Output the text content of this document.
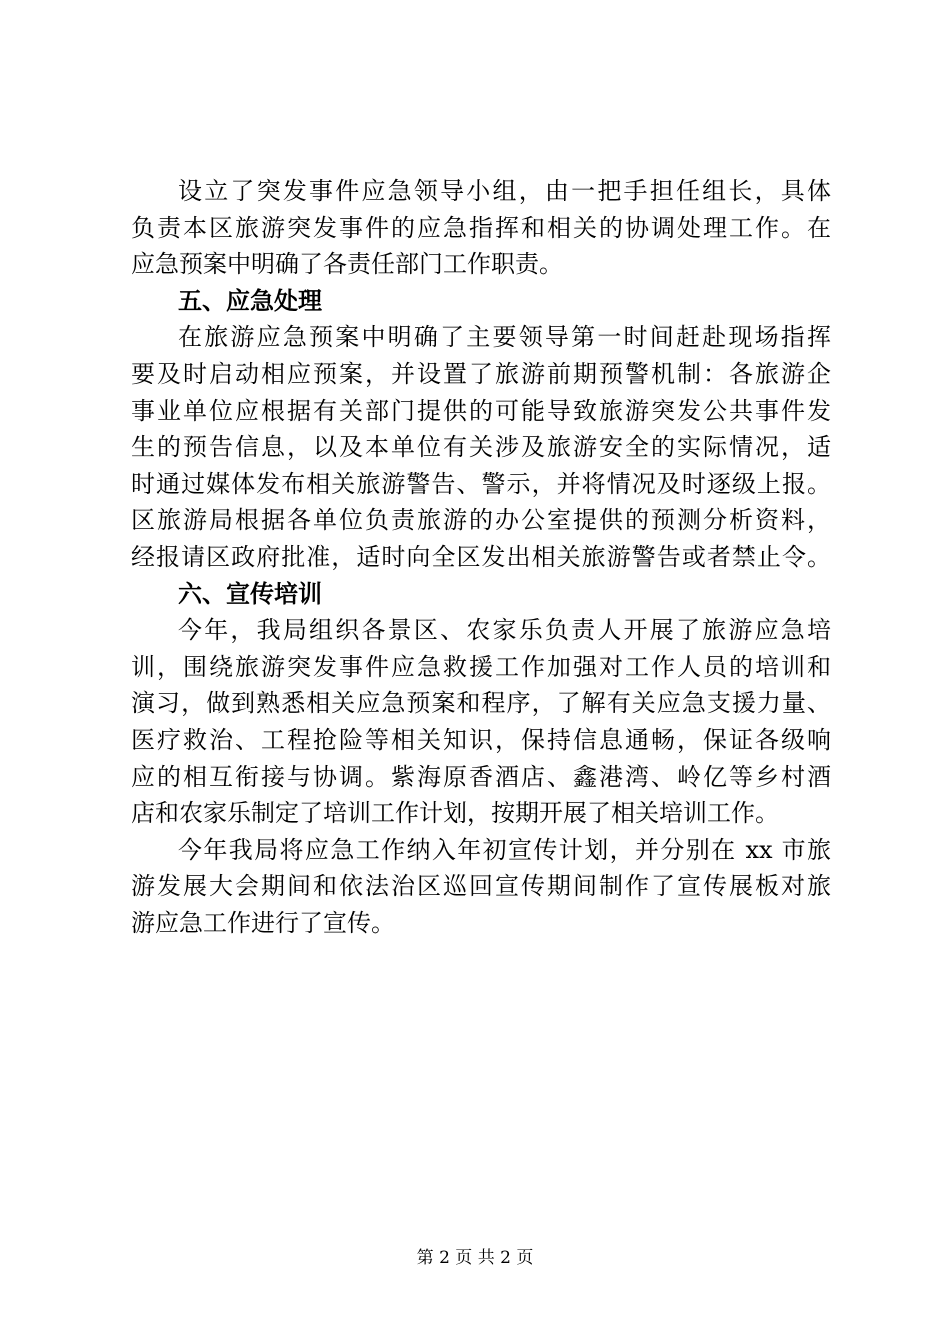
设立了突发事件应急领导小组，由一把手担任组长，具体
负责本区旅游突发事件的应急指挥和相关的协调处理工作。在
应急预案中明确了各责任部门工作职责。
五、应急处理
在旅游应急预案中明确了主要领导第一时间赶赴现场指挥
要及时启动相应预案，并设置了旅游前期预警机制：各旅游企
事业单位应根据有关部门提供的可能导致旅游突发公共事件发
生的预告信息，以及本单位有关涉及旅游安全的实际情况，适
时通过媒体发布相关旅游警告、警示，并将情况及时逐级上报。
区旅游局根据各单位负责旅游的办公室提供的预测分析资料，
经报请区政府批准，适时向全区发出相关旅游警告或者禁止令。
六、宣传培训
今年，我局组织各景区、农家乐负责人开展了旅游应急培
训，围绕旅游突发事件应急救援工作加强对工作人员的培训和
演习，做到熟悉相关应急预案和程序，了解有关应急支援力量、
医疗救治、工程抢险等相关知识，保持信息通畅，保证各级响
应的相互衔接与协调。紫海原香酒店、鑫港湾、岭亿等乡村酒
店和农家乐制定了培训工作计划，按期开展了相关培训工作。
今年我局将应急工作纳入年初宣传计划，并分别在 xx 市旅
游发展大会期间和依法治区巡回宣传期间制作了宣传展板对旅
游应急工作进行了宣传。
第 2 页 共 2 页
